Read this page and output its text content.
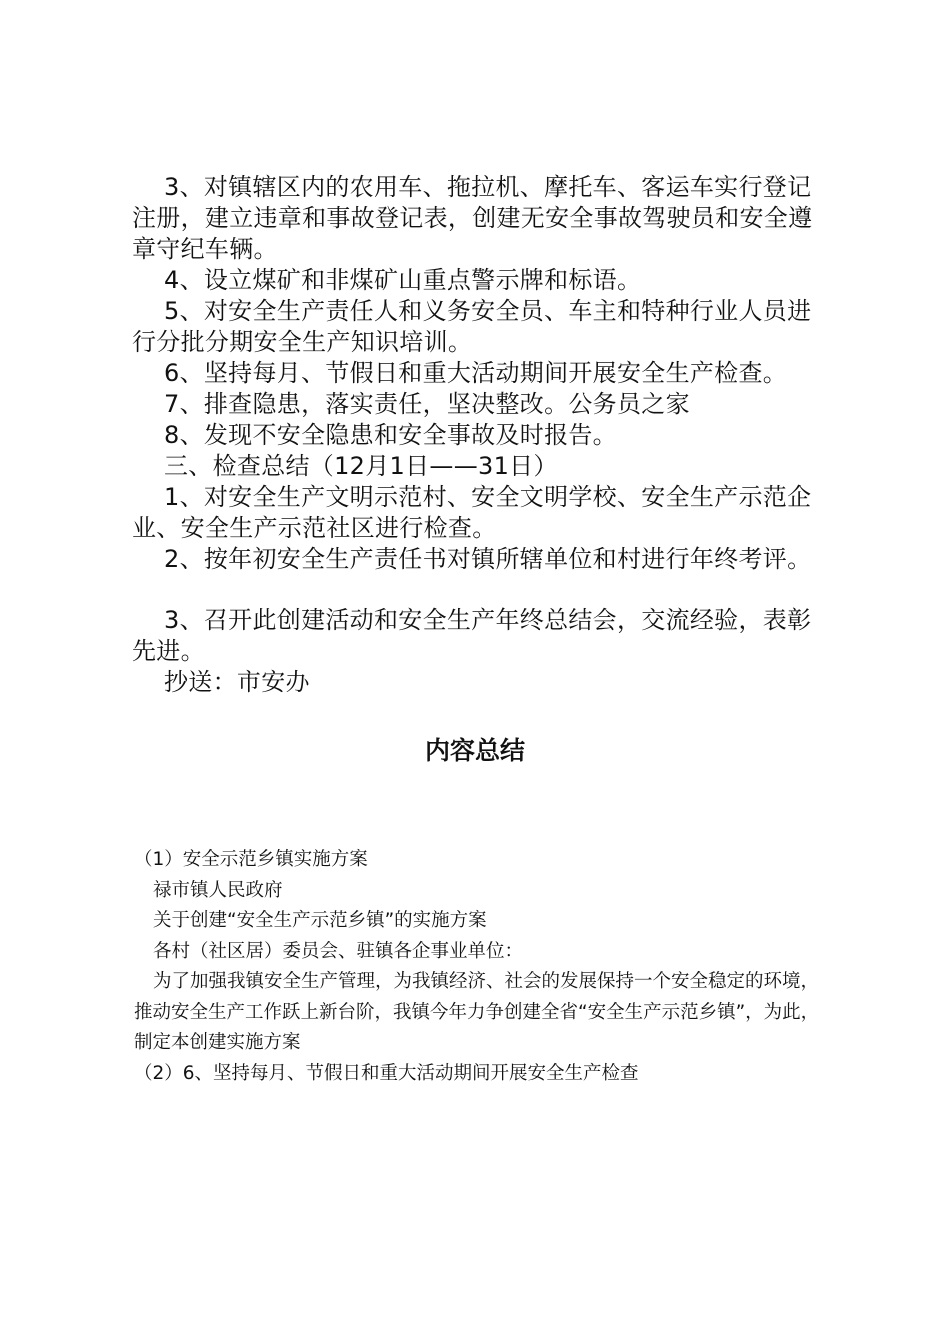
3、对镇辖区内的农用车、拖拉机、摩托车、客运车实行登记注册，建立违章和事故登记表，创建无安全事故驾驶员和安全遵章守纪车辆。

4、设立煤矿和非煤矿山重点警示牌和标语。

5、对安全生产责任人和义务安全员、车主和特种行业人员进行分批分期安全生产知识培训。

6、坚持每月、节假日和重大活动期间开展安全生产检查。

7、排查隐患，落实责任，坚决整改。公务员之家

8、发现不安全隐患和安全事故及时报告。

三、检查总结（12月1日——31日）

1、对安全生产文明示范村、安全文明学校、安全生产示范企业、安全生产示范社区进行检查。

2、按年初安全生产责任书对镇所辖单位和村进行年终考评。

3、召开此创建活动和安全生产年终总结会，交流经验，表彰先进。

抄送：市安办

内容总结

（1）安全示范乡镇实施方案

禄市镇人民政府

关于创建“安全生产示范乡镇”的实施方案

各村（社区居）委员会、驻镇各企事业单位：

为了加强我镇安全生产管理，为我镇经济、社会的发展保持一个安全稳定的环境，推动安全生产工作跃上新台阶，我镇今年力争创建全省“安全生产示范乡镇”，为此，制定本创建实施方案

（2）6、坚持每月、节假日和重大活动期间开展安全生产检查
